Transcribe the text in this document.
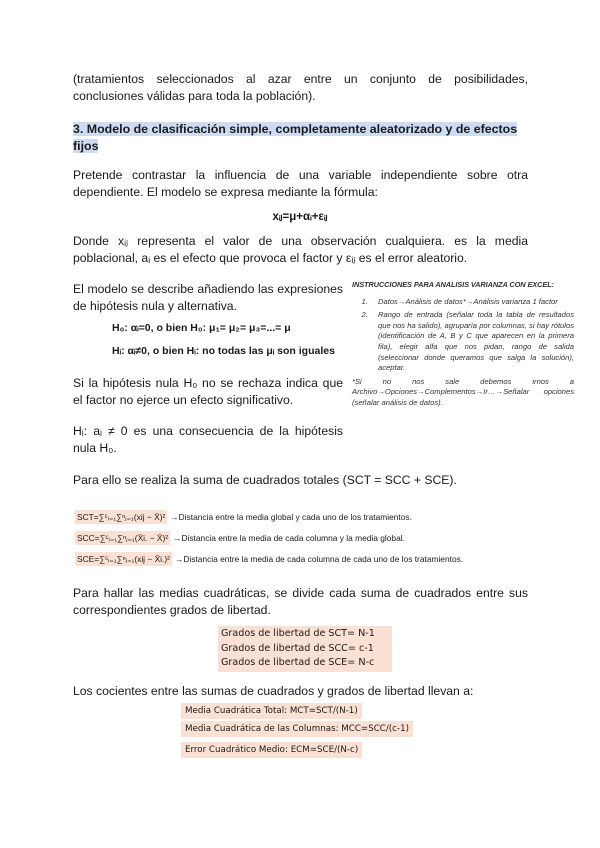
(tratamientos seleccionados al azar entre un conjunto de posibilidades, conclusiones válidas para toda la población).
3. Modelo de clasificación simple, completamente aleatorizado y de efectos fijos
Pretende contrastar la influencia de una variable independiente sobre otra dependiente. El modelo se expresa mediante la fórmula:
xᵢⱼ=μ+αᵢ+εᵢⱼ
Donde xᵢⱼ representa el valor de una observación cualquiera. es la media poblacional, aᵢ es el efecto que provoca el factor y εᵢⱼ es el error aleatorio.
El modelo se describe añadiendo las expresiones de hipótesis nula y alternativa.
H₀: αᵢ=0, o bien H₀: μ₁= μ₂= μ₃=...= μ
Hᵢ: αᵢ≠0, o bien Hᵢ: no todas las μᵢ son iguales
Si la hipótesis nula H₀ no se rechaza indica que el factor no ejerce un efecto significativo.
Hᵢ: aᵢ ≠ 0 es una consecuencia de la hipótesis nula H₀.
INSTRUCCIONES PARA ANALISIS VARIANZA CON EXCEL:
1. Datos→Análisis de datos*→Análisis varianza 1 factor
2. Rango de entrada (señalar toda la tabla de resultados que nos ha salido), agruparía por columnas, si hay rótulos (identificación de A, B y C que aparecen en la primera fila), elegir alfa que nos pidan, rango de salida (seleccionar donde queramos que salga la solución), aceptar.
*Si no nos sale debemos irnos a Archivo→Opciones→Complementos→Ir…→Señalar opciones (señalar análisis de datos).
Para ello se realiza la suma de cuadrados totales (SCT = SCC + SCE).
SCT=∑ᶜᵢ₌₁∑ⁿⱼ₌₁(xij − X̄)² →Distancia entre la media global y cada uno de los tratamientos.
SCC=∑ᶜᵢ₌₁∑ⁿⱼ₌₁(X̄i. − X̄)² →Distancia entre la media de cada columna y la media global.
SCE=∑ᶜᵢ₌₁∑ⁿⱼ₌₁(xij − X̄i.)² →Distancia entre la media de cada columna de cada uno de los tratamientos.
Para hallar las medias cuadráticas, se divide cada suma de cuadrados entre sus correspondientes grados de libertad.
Grados de libertad de SCT= N-1
Grados de libertad de SCC= c-1
Grados de libertad de SCE= N-c
Los cocientes entre las sumas de cuadrados y grados de libertad llevan a:
Media Cuadrática Total: MCT=SCT/(N-1)
Media Cuadrática de las Columnas: MCC=SCC/(c-1)
Error Cuadrático Medio: ECM=SCE/(N-c)
